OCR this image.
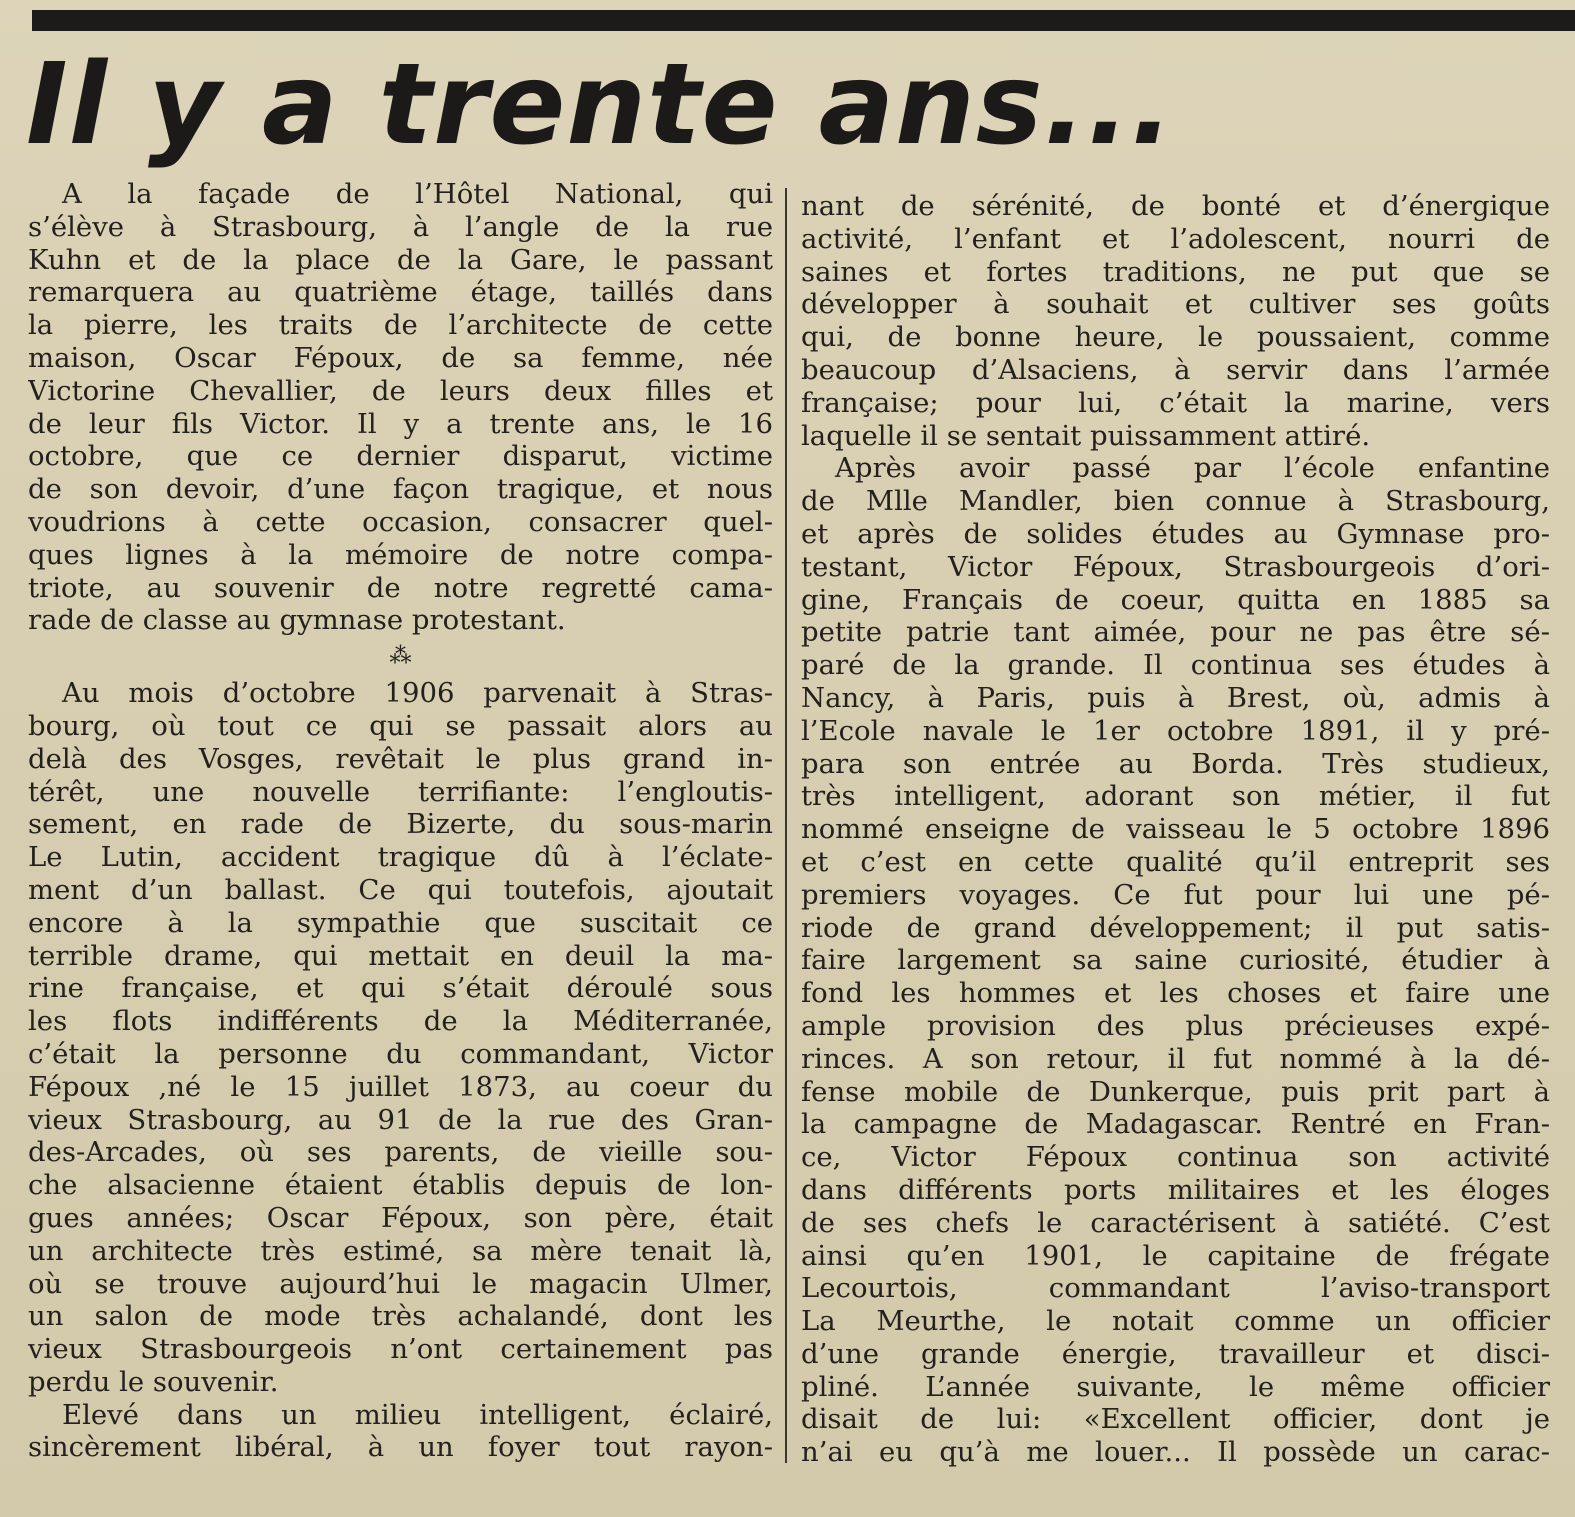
Il y a trente ans...
A la façade de l’Hôtel National, qui
s’élève à Strasbourg, à l’angle de la rue
Kuhn et de la place de la Gare, le passant
remarquera au quatrième étage, taillés dans
la pierre, les traits de l’architecte de cette
maison, Oscar Fépoux, de sa femme, née
Victorine Chevallier, de leurs deux filles et
de leur fils Victor. Il y a trente ans, le 16
octobre, que ce dernier disparut, victime
de son devoir, d’une façon tragique, et nous
voudrions à cette occasion, consacrer quel-
ques lignes à la mémoire de notre compa-
triote, au souvenir de notre regretté cama-
rade de classe au gymnase protestant.
⁂
Au mois d’octobre 1906 parvenait à Stras-
bourg, où tout ce qui se passait alors au
delà des Vosges, revêtait le plus grand in-
térêt, une nouvelle terrifiante: l’engloutis-
sement, en rade de Bizerte, du sous-marin
Le Lutin, accident tragique dû à l’éclate-
ment d’un ballast. Ce qui toutefois, ajoutait
encore à la sympathie que suscitait ce
terrible drame, qui mettait en deuil la ma-
rine française, et qui s’était déroulé sous
les flots indifférents de la Méditerranée,
c’était la personne du commandant, Victor
Fépoux ,né le 15 juillet 1873, au coeur du
vieux Strasbourg, au 91 de la rue des Gran-
des-Arcades, où ses parents, de vieille sou-
che alsacienne étaient établis depuis de lon-
gues années; Oscar Fépoux, son père, était
un architecte très estimé, sa mère tenait là,
où se trouve aujourd’hui le magacin Ulmer,
un salon de mode très achalandé, dont les
vieux Strasbourgeois n’ont certainement pas
perdu le souvenir.
Elevé dans un milieu intelligent, éclairé,
sincèrement libéral, à un foyer tout rayon-
nant de sérénité, de bonté et d’énergique
activité, l’enfant et l’adolescent, nourri de
saines et fortes traditions, ne put que se
développer à souhait et cultiver ses goûts
qui, de bonne heure, le poussaient, comme
beaucoup d’Alsaciens, à servir dans l’armée
française; pour lui, c’était la marine, vers
laquelle il se sentait puissamment attiré.
Après avoir passé par l’école enfantine
de Mlle Mandler, bien connue à Strasbourg,
et après de solides études au Gymnase pro-
testant, Victor Fépoux, Strasbourgeois d’ori-
gine, Français de coeur, quitta en 1885 sa
petite patrie tant aimée, pour ne pas être sé-
paré de la grande. Il continua ses études à
Nancy, à Paris, puis à Brest, où, admis à
l’Ecole navale le 1er octobre 1891, il y pré-
para son entrée au Borda. Très studieux,
très intelligent, adorant son métier, il fut
nommé enseigne de vaisseau le 5 octobre 1896
et c’est en cette qualité qu’il entreprit ses
premiers voyages. Ce fut pour lui une pé-
riode de grand développement; il put satis-
faire largement sa saine curiosité, étudier à
fond les hommes et les choses et faire une
ample provision des plus précieuses expé-
rinces. A son retour, il fut nommé à la dé-
fense mobile de Dunkerque, puis prit part à
la campagne de Madagascar. Rentré en Fran-
ce, Victor Fépoux continua son activité
dans différents ports militaires et les éloges
de ses chefs le caractérisent à satiété. C’est
ainsi qu’en 1901, le capitaine de frégate
Lecourtois, commandant l’aviso-transport
La Meurthe, le notait comme un officier
d’une grande énergie, travailleur et disci-
pliné. L’année suivante, le même officier
disait de lui: «Excellent officier, dont je
n’ai eu qu’à me louer... Il possède un carac-
